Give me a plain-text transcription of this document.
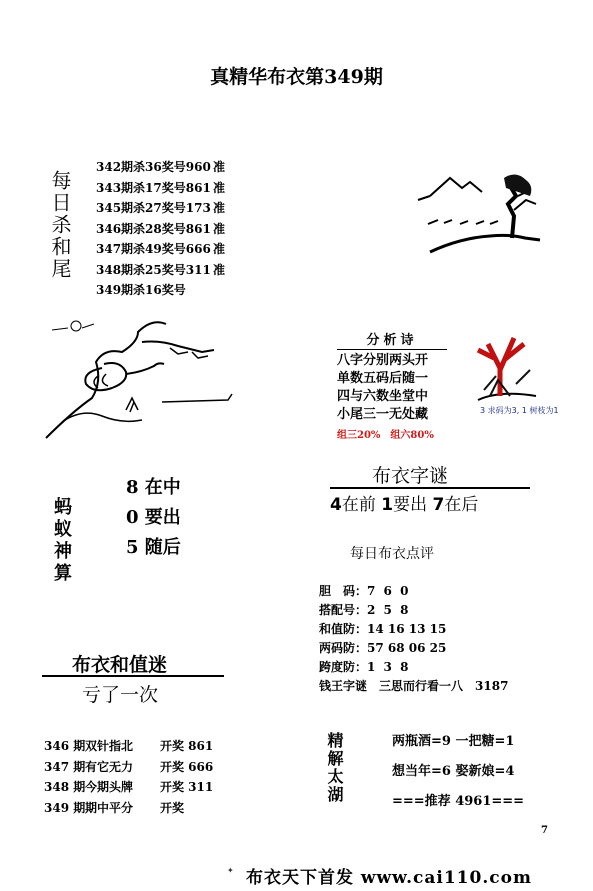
真精华布衣第349期
每日杀和尾
342期杀36奖号960 准
343期杀17奖号861 准
345期杀27奖号173 准
346期杀28奖号861 准
347期杀49奖号666 准
348期杀25奖号311 准
349期杀16奖号
分析诗
八字分别两头开
单数五码后随一
四与六数坐堂中
小尾三一无处藏
组三20% 组六80%
3 求码为3, 1 树枝为1
蚂蚁神算
8 在中
0 要出
5 随后
布衣字谜
4在前 1要出 7在后
每日布衣点评
胆　码：7 6 0
搭配号：2 5 8
和值防：14 16 13 15
两码防：57 68 06 25
跨度防：1 3 8
钱王字谜　 三思而行看一八　3187
布衣和值迷
亏了一次
346 期 双针指北	开奖 861
347 期 有它无力	开奖 666
348 期 今期头牌	开奖 311
349 期 期中平分	开奖
精解太湖	两瓶酒=9 一把糖=1
想当年=6 娶新娘=4
===推荐 4961===
7
✦ 布衣天下首发 www.cai110.com
